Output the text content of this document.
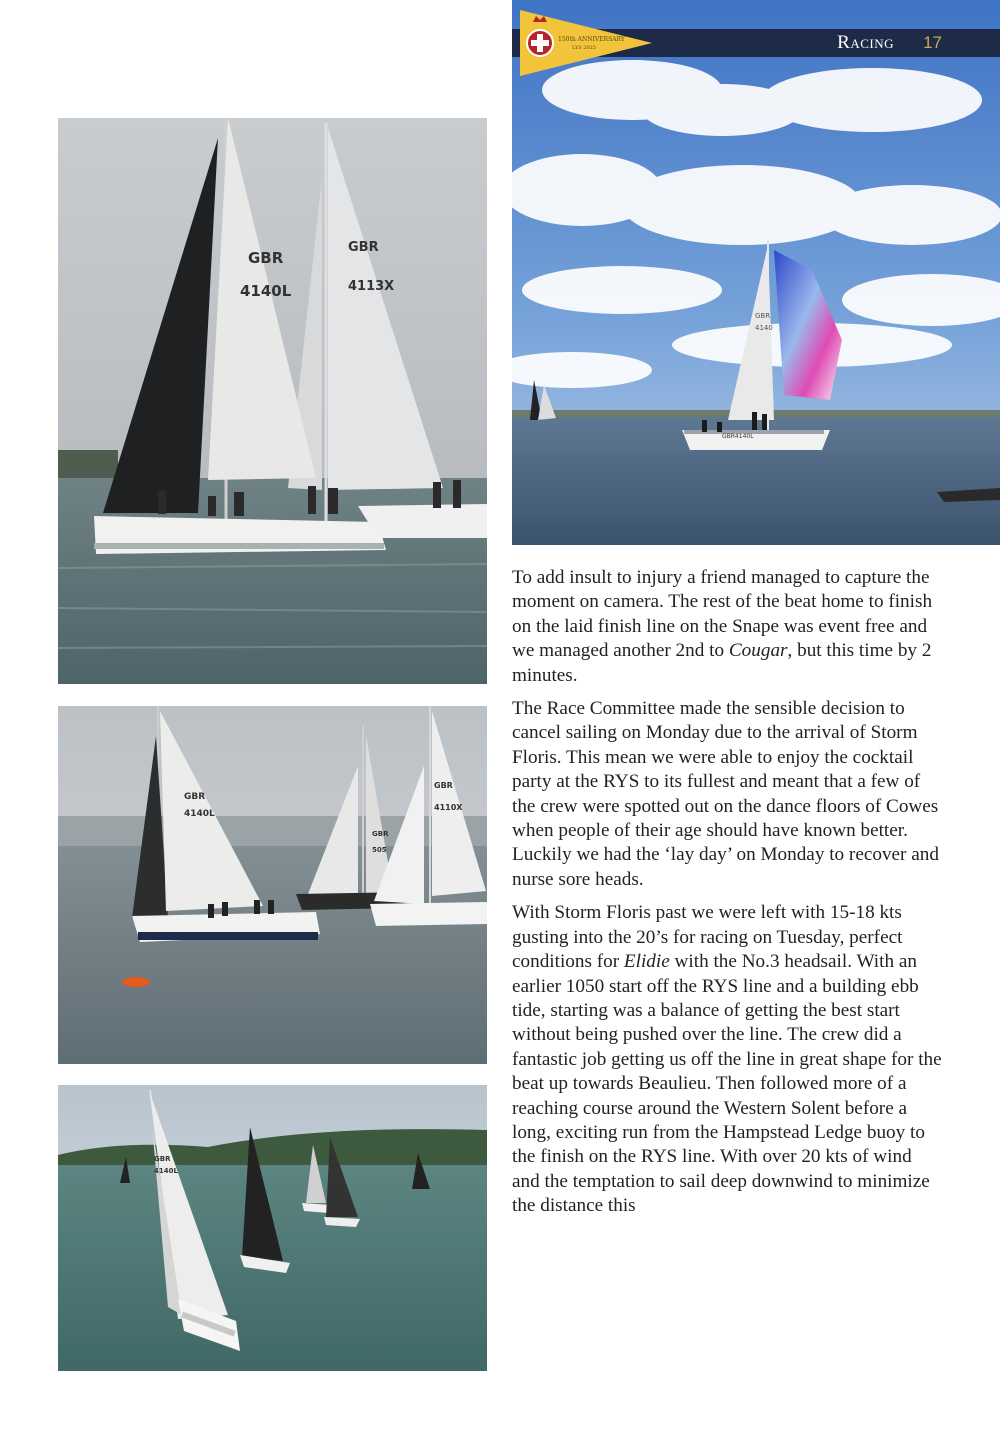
GBR
4140
GBR4140L
Racing 17
150th ANNIVERSARY
LYS 2025
GBR
4140L
GBR
4113X
GBR
4140L
GBR
4110X
GBR
505
GBR
4140L

To add insult to injury a friend managed to capture the moment on camera. The rest of the beat home to finish on the laid finish line on the Snape was event free and we managed another 2nd to Cougar, but this time by 2 minutes.

The Race Committee made the sensible decision to cancel sailing on Monday due to the arrival of Storm Floris. This mean we were able to enjoy the cocktail party at the RYS to its fullest and meant that a few of the crew were spotted out on the dance floors of Cowes when people of their age should have known better. Luckily we had the ‘lay day’ on Monday to recover and nurse sore heads.

With Storm Floris past we were left with 15-18 kts gusting into the 20’s for racing on Tuesday, perfect conditions for Elidie with the No.3 headsail. With an earlier 1050 start off the RYS line and a building ebb tide, starting was a balance of getting the best start without being pushed over the line. The crew did a fantastic job getting us off the line in great shape for the beat up towards Beaulieu. Then followed more of a reaching course around the Western Solent before a long, exciting run from the Hampstead Ledge buoy to the finish on the RYS line. With over 20 kts of wind and the temptation to sail deep downwind to minimize the distance this
